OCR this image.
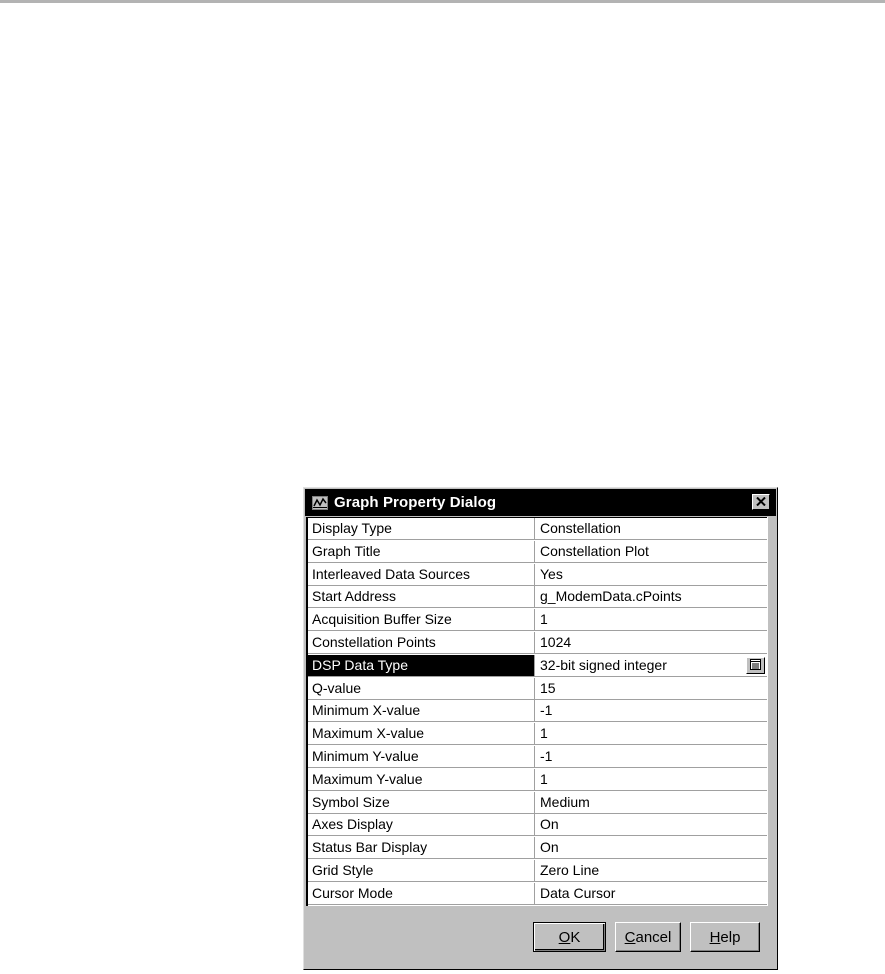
Graph Property Dialog
Display Type	Constellation
Graph Title	Constellation Plot
Interleaved Data Sources	Yes
Start Address	g_ModemData.cPoints
Acquisition Buffer Size	1
Constellation Points	1024
DSP Data Type	32-bit signed integer
Q-value	15
Minimum X-value	-1
Maximum X-value	1
Minimum Y-value	-1
Maximum Y-value	1
Symbol Size	Medium
Axes Display	On
Status Bar Display	On
Grid Style	Zero Line
Cursor Mode	Data Cursor
O K	C ancel	H elp
